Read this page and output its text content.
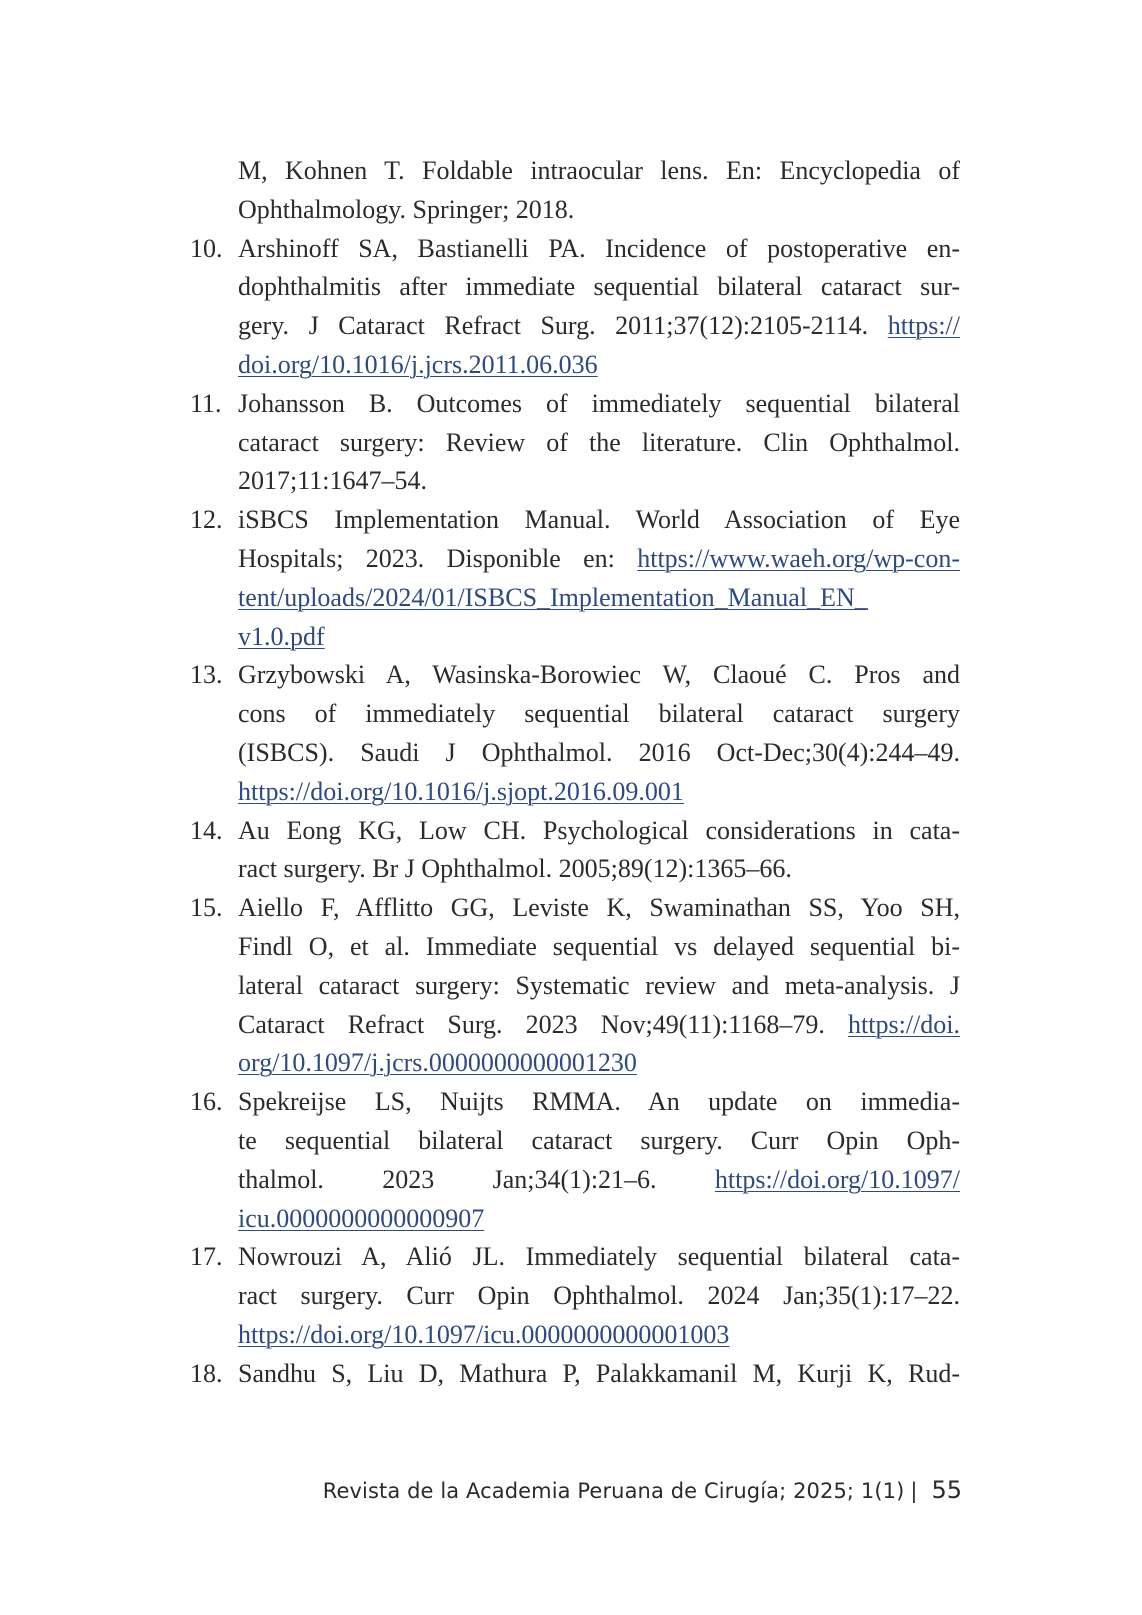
M, Kohnen T. Foldable intraocular lens. En: Encyclopedia of
Ophthalmology. Springer; 2018.
10. Arshinoff SA, Bastianelli PA. Incidence of postoperative en-
dophthalmitis after immediate sequential bilateral cataract sur-
gery. J Cataract Refract Surg. 2011;37(12):2105-2114. https://
doi.org/10.1016/j.jcrs.2011.06.036
11. Johansson B. Outcomes of immediately sequential bilateral
cataract surgery: Review of the literature. Clin Ophthalmol.
2017;11:1647–54.
12. iSBCS Implementation Manual. World Association of Eye
Hospitals; 2023. Disponible en: https://www.waeh.org/wp-con-
tent/uploads/2024/01/ISBCS_Implementation_Manual_EN_
v1.0.pdf
13. Grzybowski A, Wasinska-Borowiec W, Claoué C. Pros and
cons of immediately sequential bilateral cataract surgery
(ISBCS). Saudi J Ophthalmol. 2016 Oct-Dec;30(4):244–49.
https://doi.org/10.1016/j.sjopt.2016.09.001
14. Au Eong KG, Low CH. Psychological considerations in cata-
ract surgery. Br J Ophthalmol. 2005;89(12):1365–66.
15. Aiello F, Afflitto GG, Leviste K, Swaminathan SS, Yoo SH,
Findl O, et al. Immediate sequential vs delayed sequential bi-
lateral cataract surgery: Systematic review and meta-analysis. J
Cataract Refract Surg. 2023 Nov;49(11):1168–79. https://doi.
org/10.1097/j.jcrs.0000000000001230
16. Spekreijse LS, Nuijts RMMA. An update on immedia-
te sequential bilateral cataract surgery. Curr Opin Oph-
thalmol. 2023 Jan;34(1):21–6. https://doi.org/10.1097/
icu.0000000000000907
17. Nowrouzi A, Alió JL. Immediately sequential bilateral cata-
ract surgery. Curr Opin Ophthalmol. 2024 Jan;35(1):17–22.
https://doi.org/10.1097/icu.0000000000001003
18. Sandhu S, Liu D, Mathura P, Palakkamanil M, Kurji K, Rud-
Revista de la Academia Peruana de Cirugía; 2025; 1(1) | 55
